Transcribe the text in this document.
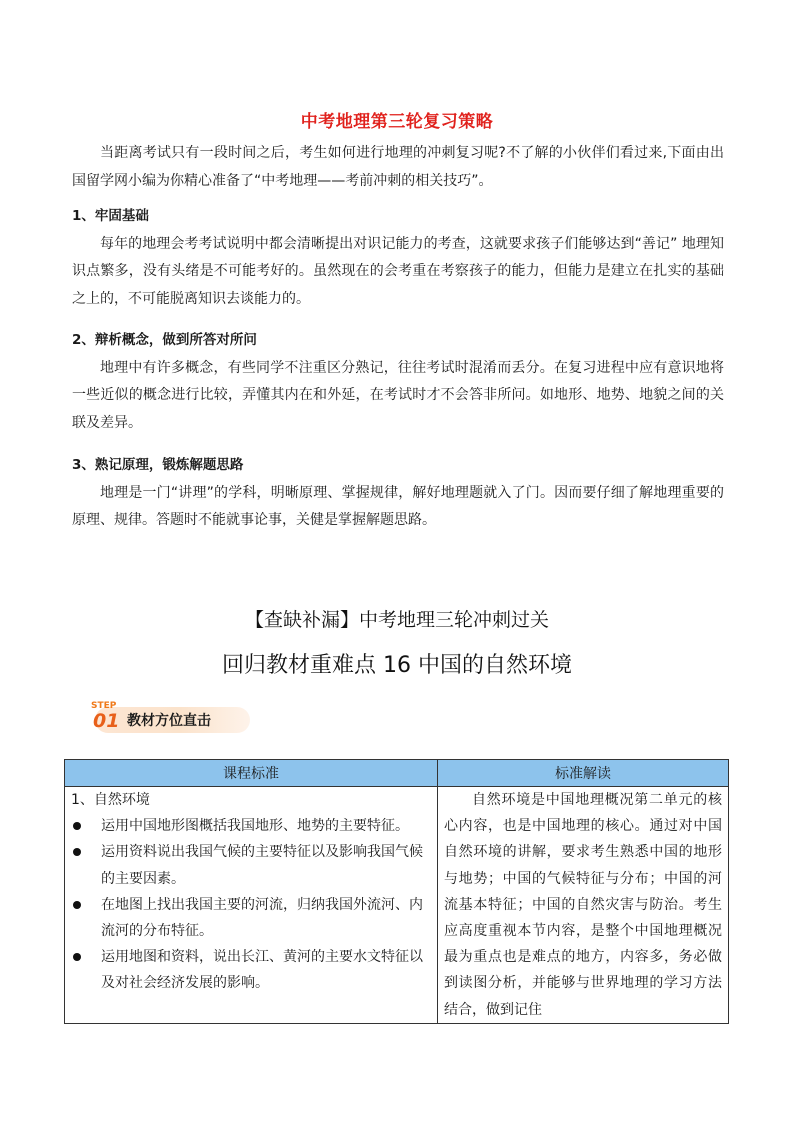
中考地理第三轮复习策略

当距离考试只有一段时间之后，考生如何进行地理的冲刺复习呢?不了解的小伙伴们看过来,下面由出国留学网小编为你精心准备了“中考地理——考前冲刺的相关技巧”。

1、牢固基础

每年的地理会考考试说明中都会清晰提出对识记能力的考查，这就要求孩子们能够达到“善记” 地理知识点繁多，没有头绪是不可能考好的。虽然现在的会考重在考察孩子的能力，但能力是建立在扎实的基础之上的，不可能脱离知识去谈能力的。

2、辩析概念，做到所答对所问

地理中有许多概念，有些同学不注重区分熟记，往往考试时混淆而丢分。在复习进程中应有意识地将一些近似的概念进行比较，弄懂其内在和外延，在考试时才不会答非所问。如地形、地势、地貌之间的关联及差异。

3、熟记原理，锻炼解题思路

地理是一门“讲理”的学科，明晰原理、掌握规律，解好地理题就入了门。因而要仔细了解地理重要的原理、规律。答题时不能就事论事，关健是掌握解题思路。

【查缺补漏】中考地理三轮冲刺过关
回归教材重难点 16 中国的自然环境
STEP
01 教材方位直击
课程标准	标准解读

1、自然环境
运用中国地形图概括我国地形、地势的主要特征。
运用资料说出我国气候的主要特征以及影响我国气候的主要因素。
在地图上找出我国主要的河流，归纳我国外流河、内流河的分布特征。
运用地图和资料，说出长江、黄河的主要水文特征以及对社会经济发展的影响。	自然环境是中国地理概况第二单元的核心内容，也是中国地理的核心。通过对中国自然环境的讲解，要求考生熟悉中国的地形与地势；中国的气候特征与分布；中国的河流基本特征；中国的自然灾害与防治。考生应高度重视本节内容，是整个中国地理概况最为重点也是难点的地方，内容多，务必做到读图分析，并能够与世界地理的学习方法结合，做到记住
